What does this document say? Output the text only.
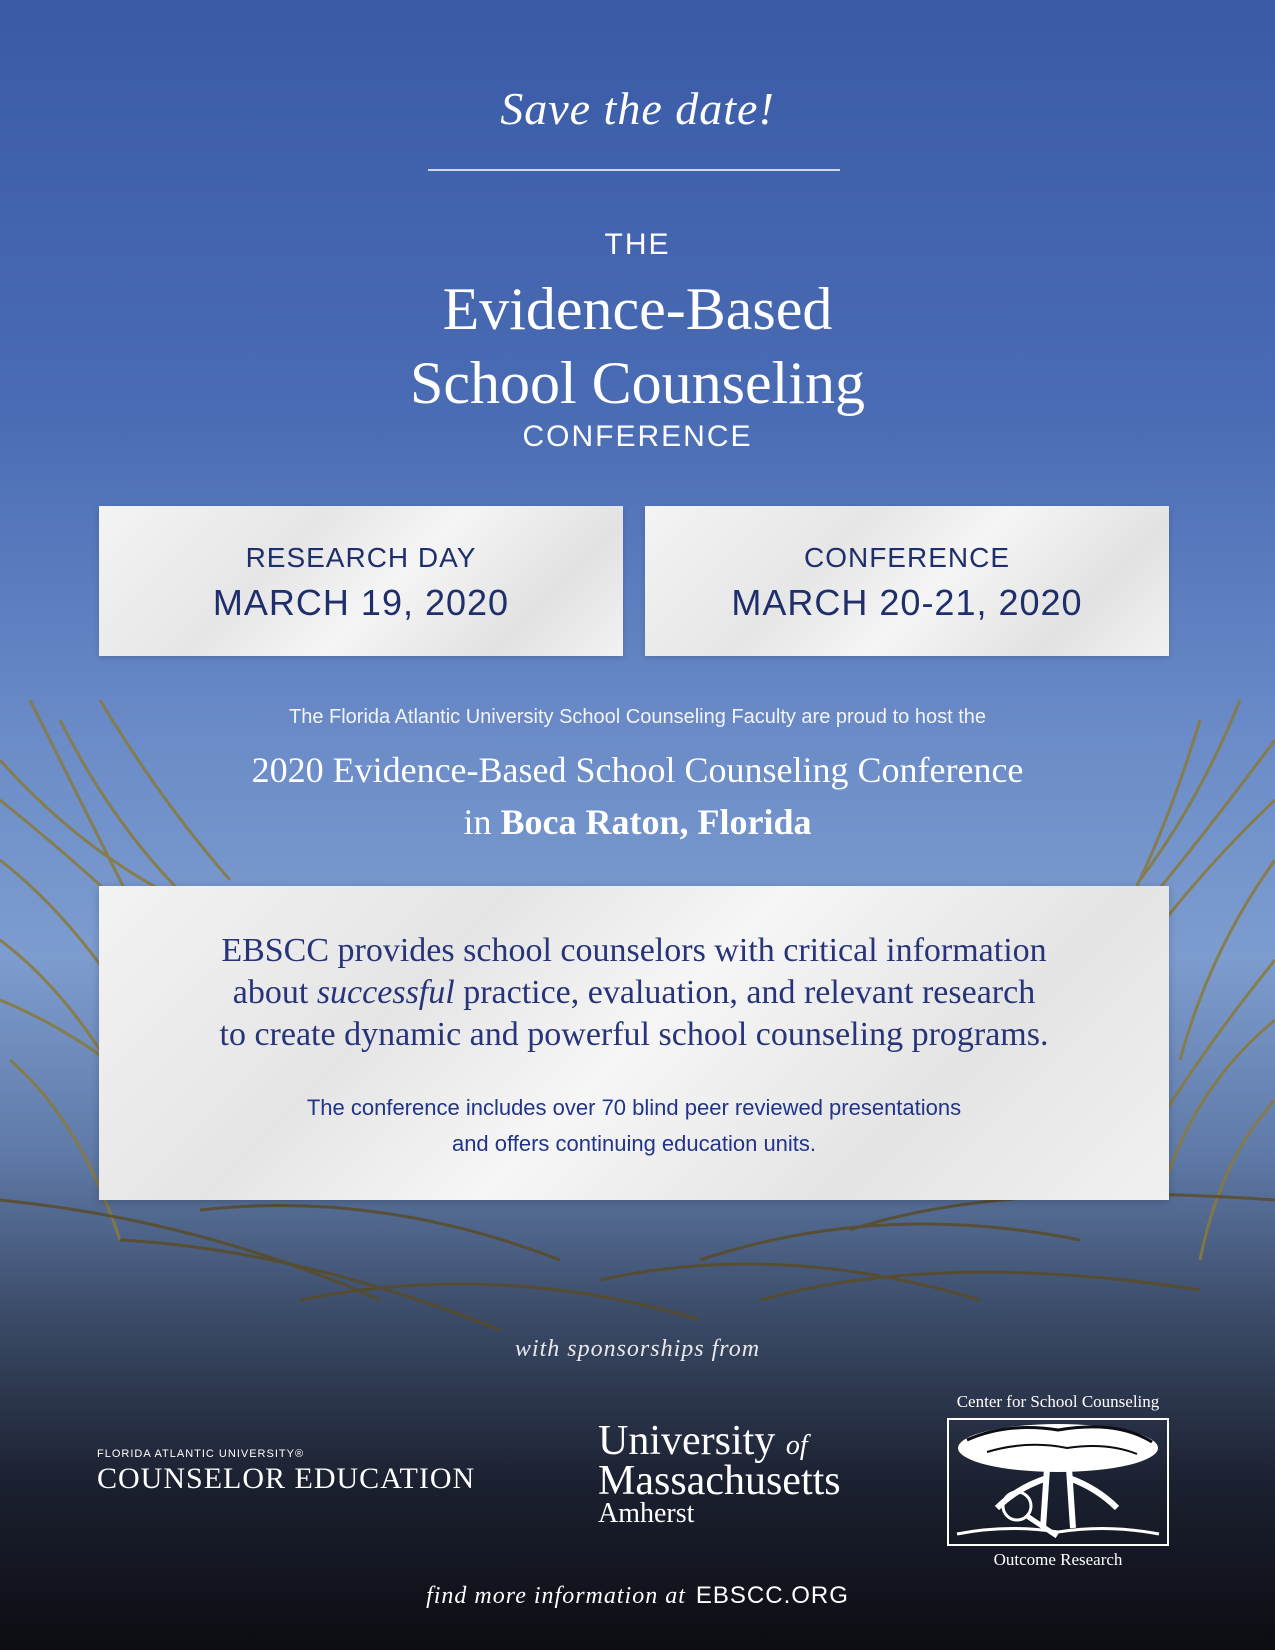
Save the date!
THE
Evidence-Based
School Counseling
CONFERENCE
RESEARCH DAY
MARCH 19, 2020
CONFERENCE
MARCH 20-21, 2020
The Florida Atlantic University School Counseling Faculty are proud to host the
2020 Evidence-Based School Counseling Conference
in Boca Raton, Florida
EBSCC provides school counselors with critical information
about successful practice, evaluation, and relevant research
to create dynamic and powerful school counseling programs.
The conference includes over 70 blind peer reviewed presentations
and offers continuing education units.
with sponsorships from
FLORIDA ATLANTIC UNIVERSITY®
COUNSELOR EDUCATION
University of
Massachusetts
Amherst
Center for School Counseling
Outcome Research
find more information at EBSCC.ORG
